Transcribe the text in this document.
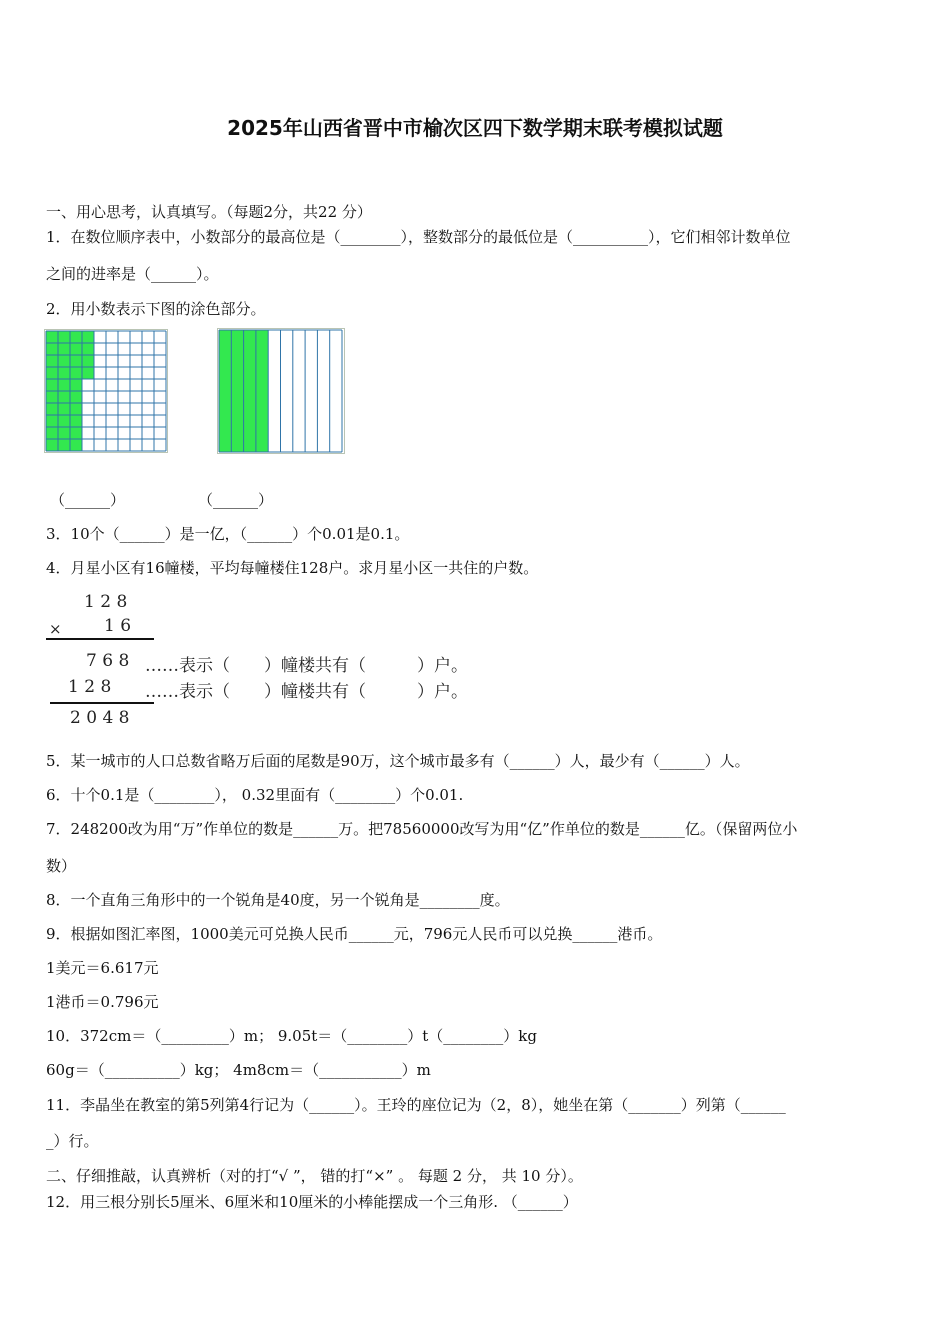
2025年山西省晋中市榆次区四下数学期末联考模拟试题
一、用心思考，认真填写。（每题2分，共22 分）
1．在数位顺序表中，小数部分的最高位是（________），整数部分的最低位是（__________），它们相邻计数单位
之间的进率是（______）。
2．用小数表示下图的涂色部分。
（______）	（______）
3．10个（______）是一亿，（______）个0.01是0.1。
4．月星小区有16幢楼，平均每幢楼住128户。求月星小区一共住的户数。
1 2 8
× 1 6
7 6 8 ……表示（　　）幢楼共有（　　　）户。
1 2 8 ……表示（　　）幢楼共有（　　　）户。
2 0 4 8
5．某一城市的人口总数省略万后面的尾数是90万，这个城市最多有（______）人，最少有（______）人。
6．十个0.1是（________）， 0.32里面有（________）个0.01.
7．248200改为用“万”作单位的数是______万。把78560000改写为用“亿”作单位的数是______亿。（保留两位小
数）
8．一个直角三角形中的一个锐角是40度，另一个锐角是________度。
9．根据如图汇率图，1000美元可兑换人民币______元，796元人民币可以兑换______港币。
1美元＝6.617元
1港币＝0.796元
10．372cm＝（_________）m； 9.05t＝（________）t（________）kg
60g＝（__________）kg； 4m8cm＝（___________）m
11．李晶坐在教室的第5列第4行记为（______）。王玲的座位记为（2，8），她坐在第（_______）列第（______
_）行。
二、仔细推敲，认真辨析（对的打“√ ”， 错的打“×” 。 每题 2 分， 共 10 分）。
12．用三根分别长5厘米、6厘米和10厘米的小棒能摆成一个三角形. （______）
